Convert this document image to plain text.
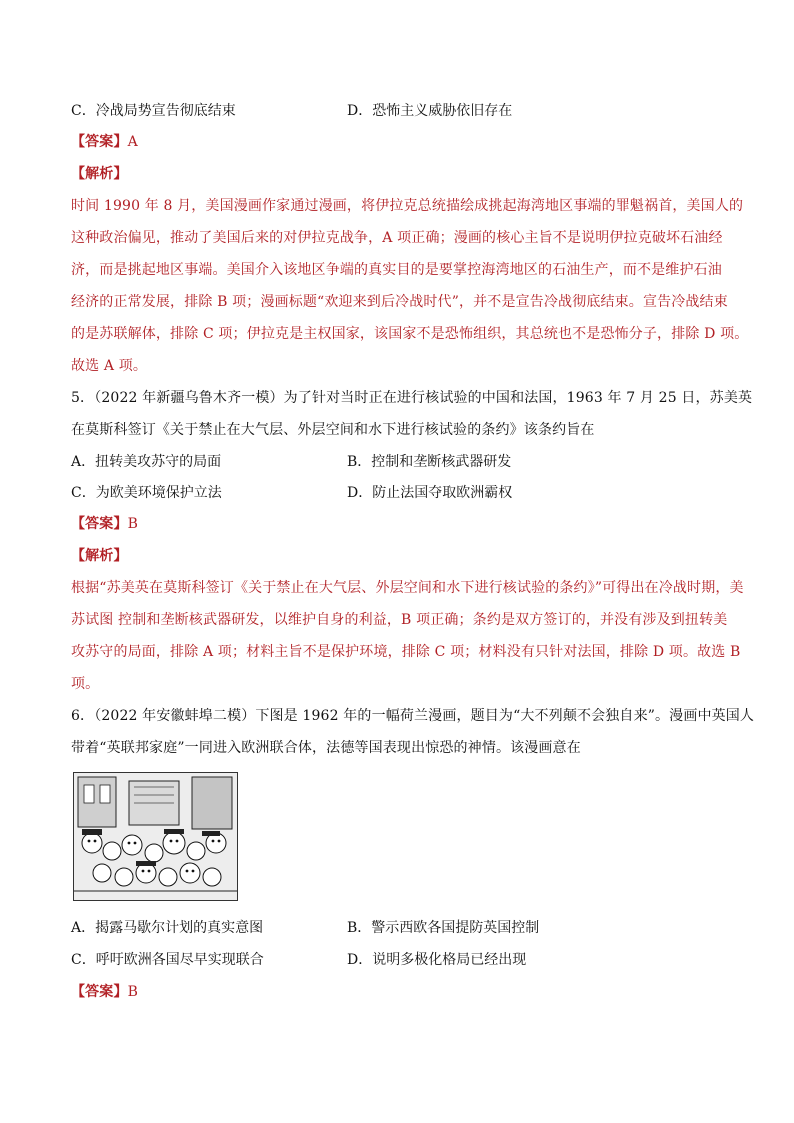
C．冷战局势宣告彻底结束	D．恐怖主义威胁依旧存在
【答案】A
【解析】
时间 1990 年 8 月，美国漫画作家通过漫画，将伊拉克总统描绘成挑起海湾地区事端的罪魁祸首，美国人的
这种政治偏见，推动了美国后来的对伊拉克战争，A 项正确；漫画的核心主旨不是说明伊拉克破坏石油经
济，而是挑起地区事端。美国介入该地区争端的真实目的是要掌控海湾地区的石油生产，而不是维护石油
经济的正常发展，排除 B 项；漫画标题“欢迎来到后冷战时代”，并不是宣告冷战彻底结束。宣告冷战结束
的是苏联解体，排除 C 项；伊拉克是主权国家，该国家不是恐怖组织，其总统也不是恐怖分子，排除 D 项。
故选 A 项。
5．（2022 年新疆乌鲁木齐一模）为了针对当时正在进行核试验的中国和法国，1963 年 7 月 25 日，苏美英
在莫斯科签订《关于禁止在大气层、外层空间和水下进行核试验的条约》该条约旨在
A．扭转美攻苏守的局面	B．控制和垄断核武器研发
C．为欧美环境保护立法	D．防止法国夺取欧洲霸权
【答案】B
【解析】
根据“苏美英在莫斯科签订《关于禁止在大气层、外层空间和水下进行核试验的条约》”可得出在冷战时期，美
苏试图 控制和垄断核武器研发，以维护自身的利益，B 项正确；条约是双方签订的，并没有涉及到扭转美
攻苏守的局面，排除 A 项；材料主旨不是保护环境，排除 C 项；材料没有只针对法国，排除 D 项。故选 B
项。
6．（2022 年安徽蚌埠二模）下图是 1962 年的一幅荷兰漫画，题目为“大不列颠不会独自来”。漫画中英国人
带着“英联邦家庭”一同进入欧洲联合体，法德等国表现出惊恐的神情。该漫画意在
A．揭露马歇尔计划的真实意图	B．警示西欧各国提防英国控制
C．呼吁欧洲各国尽早实现联合	D．说明多极化格局已经出现
【答案】B
